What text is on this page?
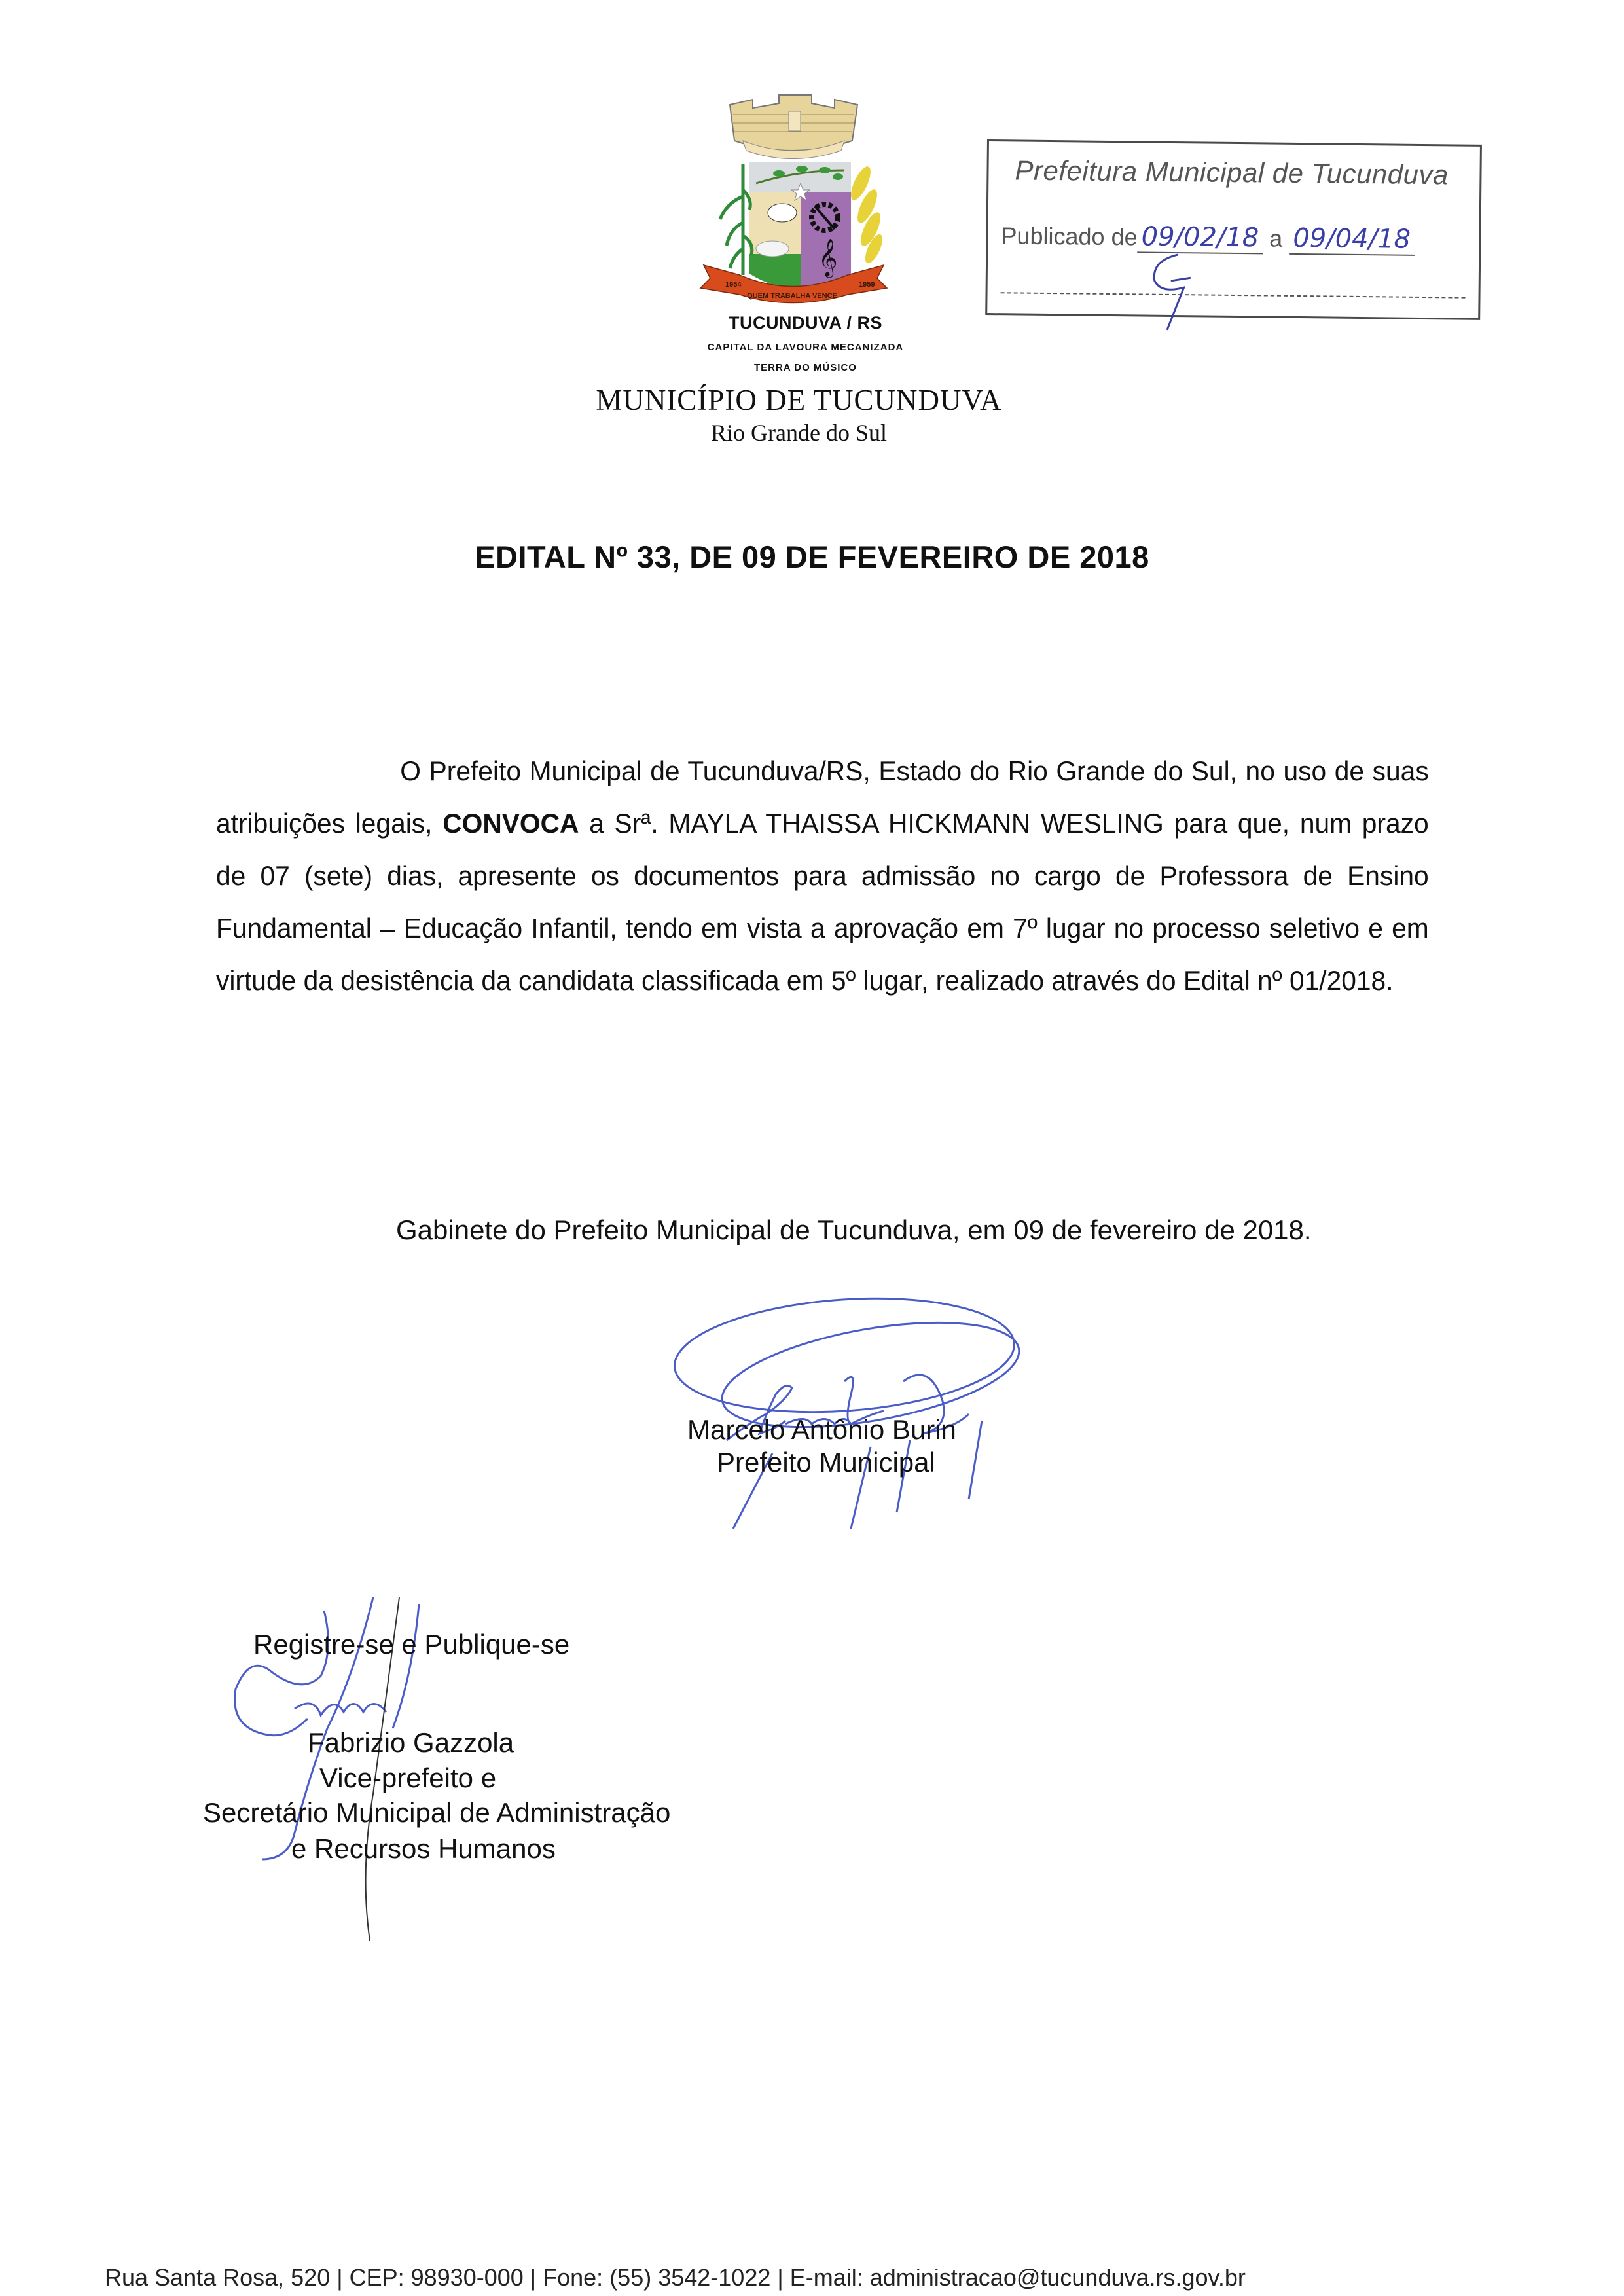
𝄞
1954
QUEM TRABALHA VENCE
1959
TUCUNDUVA / RS
CAPITAL DA LAVOURA MECANIZADA
TERRA DO MÚSICO
MUNICÍPIO DE TUCUNDUVA
Rio Grande do Sul
Prefeitura Municipal de Tucunduva
Publicado de 09/02/18 a 09/04/18
EDITAL Nº 33, DE 09 DE FEVEREIRO DE 2018
O Prefeito Municipal de Tucunduva/RS, Estado do Rio Grande do Sul, no uso de suas atribuições legais, CONVOCA a Srª. MAYLA THAISSA HICKMANN WESLING para que, num prazo de 07 (sete) dias, apresente os documentos para admissão no cargo de Professora de Ensino Fundamental – Educação Infantil, tendo em vista a aprovação em 7º lugar no processo seletivo e em virtude da desistência da candidata classificada em 5º lugar, realizado através do Edital nº 01/2018.
Gabinete do Prefeito Municipal de Tucunduva, em 09 de fevereiro de 2018.
Marcelo Antônio Burin
Prefeito Municipal
Registre-se e Publique-se
Fabrizio Gazzola
Vice-prefeito e
Secretário Municipal de Administração
e Recursos Humanos
Rua Santa Rosa, 520 | CEP: 98930-000 | Fone: (55) 3542-1022 | E-mail: administracao@tucunduva.rs.gov.br
